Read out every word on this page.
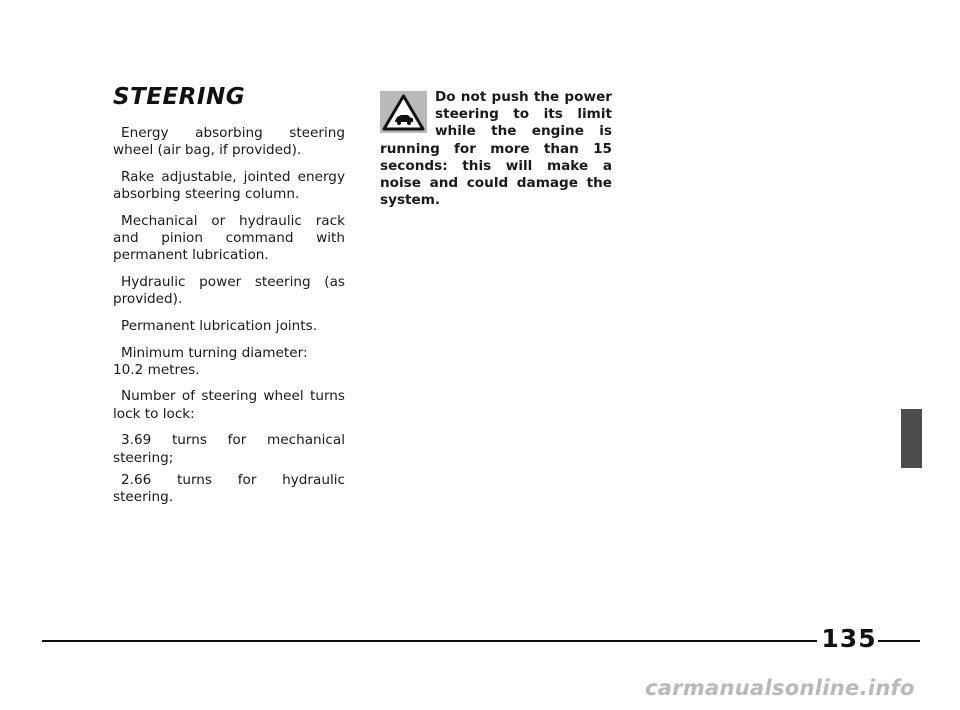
STEERING

Energy absorbing steering wheel (air bag, if provided).

Rake adjustable, jointed energy absorbing steering column.

Mechanical or hydraulic rack and pinion command with permanent lubrication.

Hydraulic power steering (as provided).

Permanent lubrication joints.

Minimum turning diameter:
10.2 metres.

Number of steering wheel turns lock to lock:

3.69 turns for mechanical steering;

2.66 turns for hydraulic steering.

Do not push the power steering to its limit while the engine is running for more than 15 seconds: this will make a noise and could damage the system.
135
carmanualsonline.info
